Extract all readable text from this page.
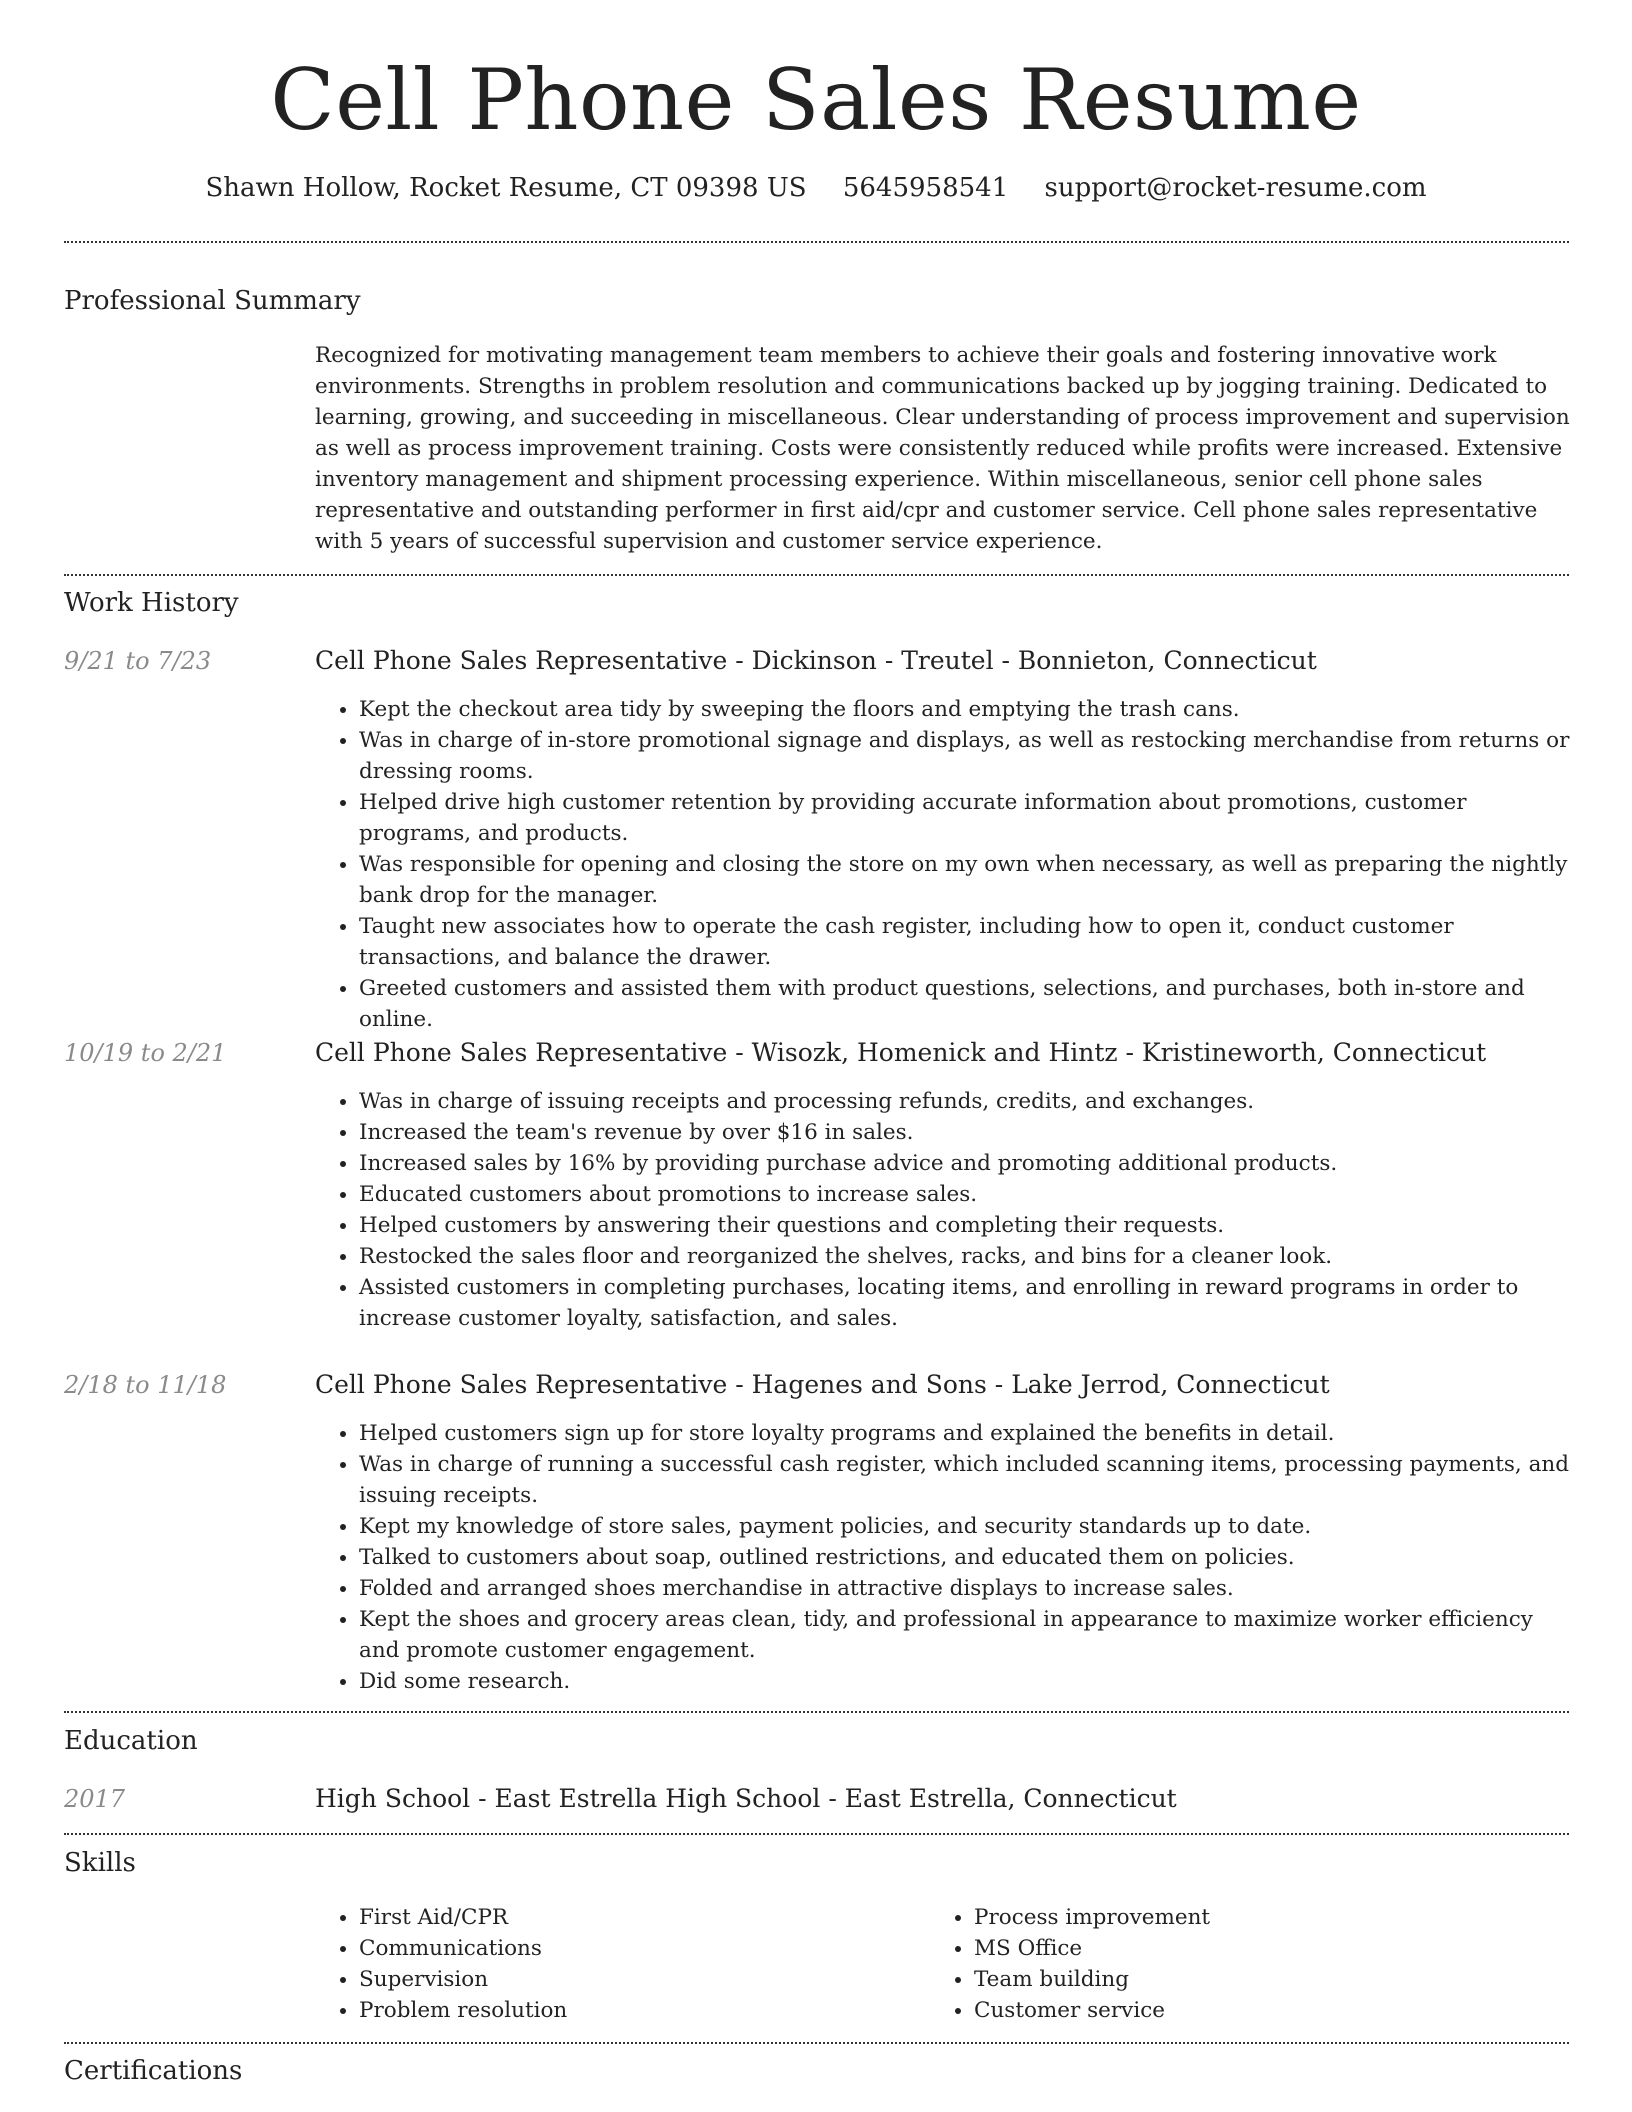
Cell Phone Sales Resume
Shawn Hollow, Rocket Resume, CT 09398 US 5645958541 support@rocket-resume.com
Professional Summary
Recognized for motivating management team members to achieve their goals and fostering innovative work environments. Strengths in problem resolution and communications backed up by jogging training. Dedicated to learning, growing, and succeeding in miscellaneous. Clear understanding of process improvement and supervision as well as process improvement training. Costs were consistently reduced while profits were increased. Extensive inventory management and shipment processing experience. Within miscellaneous, senior cell phone sales representative and outstanding performer in first aid/cpr and customer service. Cell phone sales representative with 5 years of successful supervision and customer service experience.
Work History
9/21 to 7/23	Cell Phone Sales Representative - Dickinson - Treutel - Bonnieton, Connecticut
• Kept the checkout area tidy by sweeping the floors and emptying the trash cans.
• Was in charge of in-store promotional signage and displays, as well as restocking merchandise from returns or dressing rooms.
• Helped drive high customer retention by providing accurate information about promotions, customer programs, and products.
• Was responsible for opening and closing the store on my own when necessary, as well as preparing the nightly bank drop for the manager.
• Taught new associates how to operate the cash register, including how to open it, conduct customer transactions, and balance the drawer.
• Greeted customers and assisted them with product questions, selections, and purchases, both in-store and online.
10/19 to 2/21	Cell Phone Sales Representative - Wisozk, Homenick and Hintz - Kristineworth, Connecticut
• Was in charge of issuing receipts and processing refunds, credits, and exchanges.
• Increased the team's revenue by over $16 in sales.
• Increased sales by 16% by providing purchase advice and promoting additional products.
• Educated customers about promotions to increase sales.
• Helped customers by answering their questions and completing their requests.
• Restocked the sales floor and reorganized the shelves, racks, and bins for a cleaner look.
• Assisted customers in completing purchases, locating items, and enrolling in reward programs in order to increase customer loyalty, satisfaction, and sales.
2/18 to 11/18	Cell Phone Sales Representative - Hagenes and Sons - Lake Jerrod, Connecticut
• Helped customers sign up for store loyalty programs and explained the benefits in detail.
• Was in charge of running a successful cash register, which included scanning items, processing payments, and issuing receipts.
• Kept my knowledge of store sales, payment policies, and security standards up to date.
• Talked to customers about soap, outlined restrictions, and educated them on policies.
• Folded and arranged shoes merchandise in attractive displays to increase sales.
• Kept the shoes and grocery areas clean, tidy, and professional in appearance to maximize worker efficiency and promote customer engagement.
• Did some research.
Education
2017	High School - East Estrella High School - East Estrella, Connecticut
Skills
• First Aid/CPR
• Communications
• Supervision
• Problem resolution
• Process improvement
• MS Office
• Team building
• Customer service
Certifications
